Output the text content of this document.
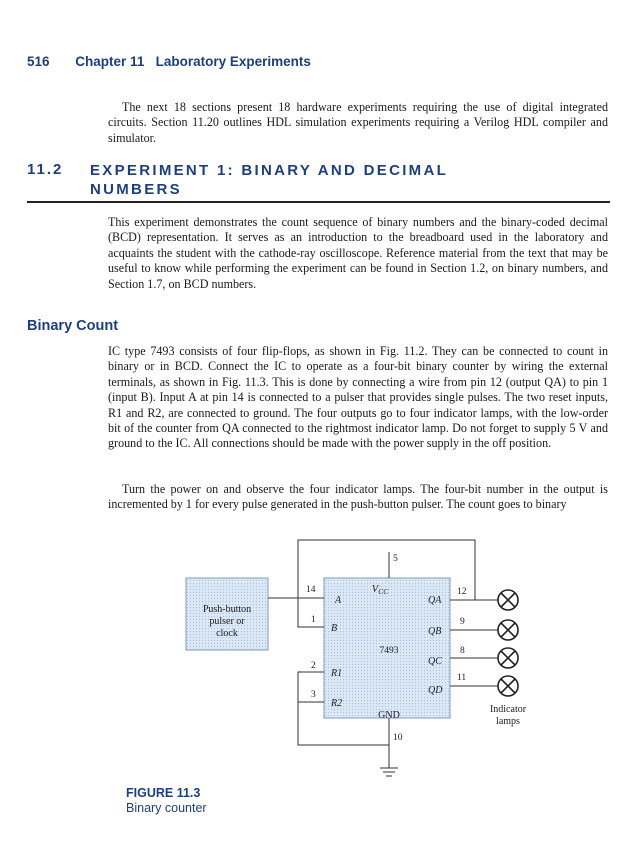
516 Chapter 11   Laboratory Experiments

The next 18 sections present 18 hardware experiments requiring the use of digital integrated circuits. Section 11.20 outlines HDL simulation experiments requiring a Verilog HDL compiler and simulator.

11.2 EXPERIMENT 1: BINARY AND DECIMAL NUMBERS

This experiment demonstrates the count sequence of binary numbers and the binary-coded decimal (BCD) representation. It serves as an introduction to the breadboard used in the laboratory and acquaints the student with the cathode-ray oscilloscope. Reference material from the text that may be useful to know while performing the experiment can be found in Section 1.2, on binary numbers, and Section 1.7, on BCD numbers.

Binary Count

IC type 7493 consists of four flip-flops, as shown in Fig. 11.2. They can be connected to count in binary or in BCD. Connect the IC to operate as a four-bit binary counter by wiring the external terminals, as shown in Fig. 11.3. This is done by connecting a wire from pin 12 (output QA) to pin 1 (input B). Input A at pin 14 is connected to a pulser that provides single pulses. The two reset inputs, R1 and R2, are connected to ground. The four outputs go to four indicator lamps, with the low-order bit of the counter from QA connected to the rightmost indicator lamp. Do not forget to supply 5 V and ground to the IC. All connections should be made with the power supply in the off position.

Turn the power on and observe the four indicator lamps. The four-bit number in the output is incremented by 1 for every pulse generated in the push-button pulser. The count goes to binary

Push-button
pulser or
clock
7493
VCC
GND
A
B
R1
R2
QA
QB
QC
QD
5
14
1
2
3
12
9
8
11
10
Indicator
lamps
FIGURE 11.3
Binary counter
